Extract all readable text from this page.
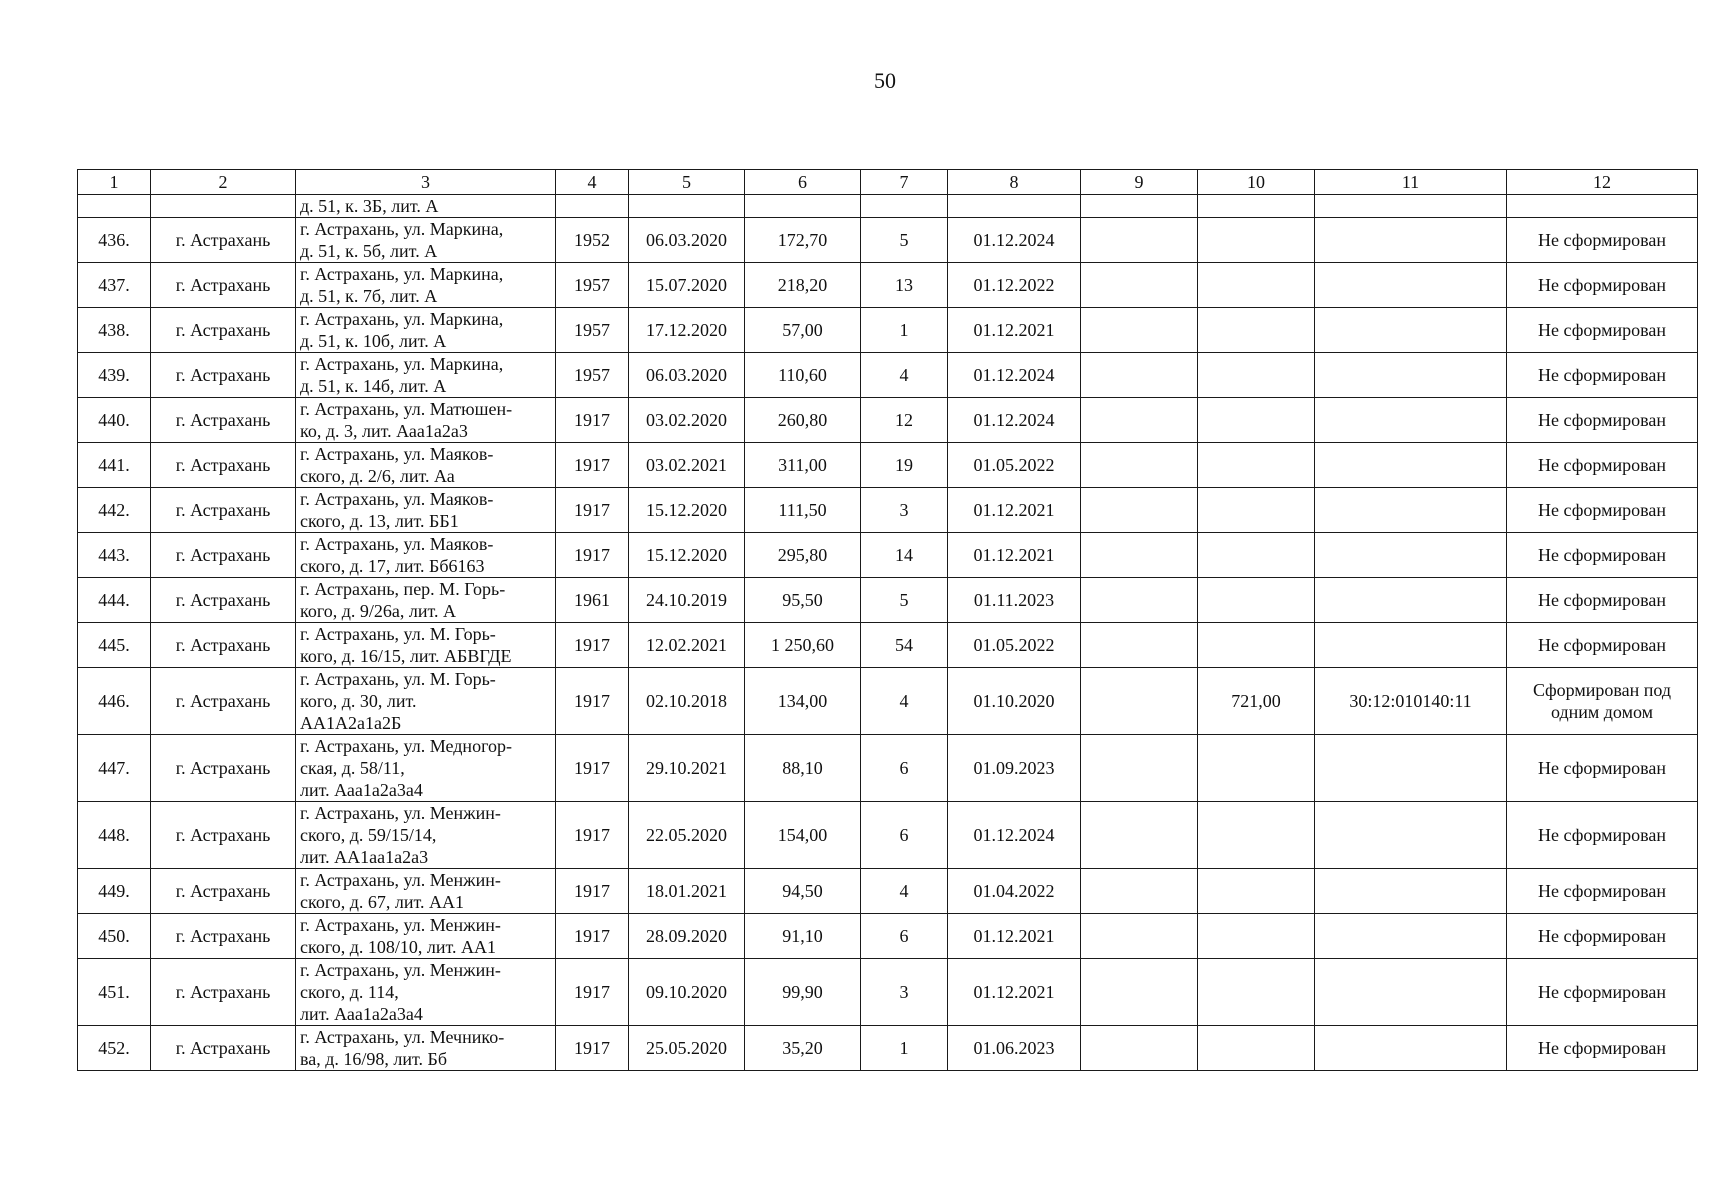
50
1	2	3	4	5	6	7	8	9	10	11	12
		д. 51, к. 3Б, лит. А									
436.	г. Астрахань	г. Астрахань, ул. Маркина,
д. 51, к. 5б, лит. А	1952	06.03.2020	172,70	5	01.12.2024				Не сформирован
437.	г. Астрахань	г. Астрахань, ул. Маркина,
д. 51, к. 7б, лит. А	1957	15.07.2020	218,20	13	01.12.2022				Не сформирован
438.	г. Астрахань	г. Астрахань, ул. Маркина,
д. 51, к. 10б, лит. А	1957	17.12.2020	57,00	1	01.12.2021				Не сформирован
439.	г. Астрахань	г. Астрахань, ул. Маркина,
д. 51, к. 14б, лит. А	1957	06.03.2020	110,60	4	01.12.2024				Не сформирован
440.	г. Астрахань	г. Астрахань, ул. Матюшен-
ко, д. 3, лит. Ааа1а2а3	1917	03.02.2020	260,80	12	01.12.2024				Не сформирован
441.	г. Астрахань	г. Астрахань, ул. Маяков-
ского, д. 2/6, лит. Аа	1917	03.02.2021	311,00	19	01.05.2022				Не сформирован
442.	г. Астрахань	г. Астрахань, ул. Маяков-
ского, д. 13, лит. ББ1	1917	15.12.2020	111,50	3	01.12.2021				Не сформирован
443.	г. Астрахань	г. Астрахань, ул. Маяков-
ского, д. 17, лит. Бб6163	1917	15.12.2020	295,80	14	01.12.2021				Не сформирован
444.	г. Астрахань	г. Астрахань, пер. М. Горь-
кого, д. 9/26а, лит. А	1961	24.10.2019	95,50	5	01.11.2023				Не сформирован
445.	г. Астрахань	г. Астрахань, ул. М. Горь-
кого, д. 16/15, лит. АБВГДЕ	1917	12.02.2021	1 250,60	54	01.05.2022				Не сформирован
446.	г. Астрахань	г. Астрахань, ул. М. Горь-
кого, д. 30, лит.
АА1А2а1а2Б	1917	02.10.2018	134,00	4	01.10.2020		721,00	30:12:010140:11	Сформирован под
одним домом
447.	г. Астрахань	г. Астрахань, ул. Медногор-
ская, д. 58/11,
лит. Ааа1а2а3а4	1917	29.10.2021	88,10	6	01.09.2023				Не сформирован
448.	г. Астрахань	г. Астрахань, ул. Менжин-
ского, д. 59/15/14,
лит. АА1аа1а2а3	1917	22.05.2020	154,00	6	01.12.2024				Не сформирован
449.	г. Астрахань	г. Астрахань, ул. Менжин-
ского, д. 67, лит. АА1	1917	18.01.2021	94,50	4	01.04.2022				Не сформирован
450.	г. Астрахань	г. Астрахань, ул. Менжин-
ского, д. 108/10, лит. АА1	1917	28.09.2020	91,10	6	01.12.2021				Не сформирован
451.	г. Астрахань	г. Астрахань, ул. Менжин-
ского, д. 114,
лит. Ааа1а2а3а4	1917	09.10.2020	99,90	3	01.12.2021				Не сформирован
452.	г. Астрахань	г. Астрахань, ул. Мечнико-
ва, д. 16/98, лит. Бб	1917	25.05.2020	35,20	1	01.06.2023				Не сформирован
